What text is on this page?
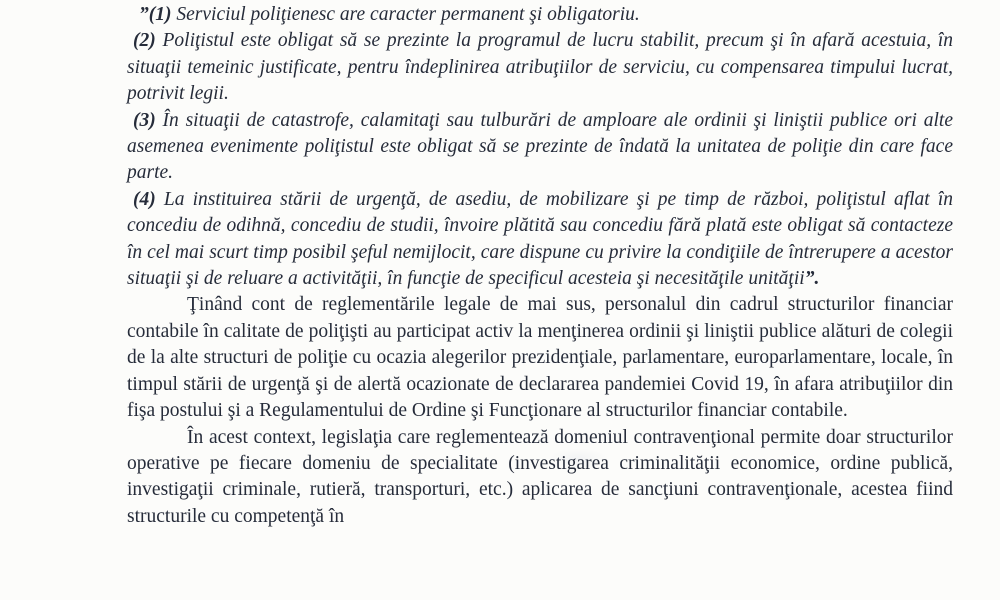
”(1) Serviciul poliţienesc are caracter permanent şi obligatoriu.

(2) Poliţistul este obligat să se prezinte la programul de lucru stabilit, precum şi în afară acestuia, în situaţii temeinic justificate, pentru îndeplinirea atribuţiilor de serviciu, cu compensarea timpului lucrat, potrivit legii.

(3) În situaţii de catastrofe, calamitaţi sau tulburări de amploare ale ordinii şi liniştii publice ori alte asemenea evenimente poliţistul este obligat să se prezinte de îndată la unitatea de poliţie din care face parte.

(4) La instituirea stării de urgenţă, de asediu, de mobilizare şi pe timp de război, poliţistul aflat în concediu de odihnă, concediu de studii, învoire plătită sau concediu fără plată este obligat să contacteze în cel mai scurt timp posibil şeful nemijlocit, care dispune cu privire la condiţiile de întrerupere a acestor situaţii şi de reluare a activităţii, în funcţie de specificul acesteia şi necesităţile unităţii”.

Ţinând cont de reglementările legale de mai sus, personalul din cadrul structurilor financiar contabile în calitate de poliţişti au participat activ la menţinerea ordinii şi liniştii publice alături de colegii de la alte structuri de poliţie cu ocazia alegerilor prezidenţiale, parlamentare, europarlamentare, locale, în timpul stării de urgenţă şi de alertă ocazionate de declararea pandemiei Covid 19, în afara atribuţiilor din fişa postului şi a Regulamentului de Ordine şi Funcţionare al structurilor financiar contabile.

În acest context, legislaţia care reglementează domeniul contravenţional permite doar structurilor operative pe fiecare domeniu de specialitate (investigarea criminalităţii economice, ordine publică, investigaţii criminale, rutieră, transporturi, etc.) aplicarea de sancţiuni contravenţionale, acestea fiind structurile cu competenţă în
